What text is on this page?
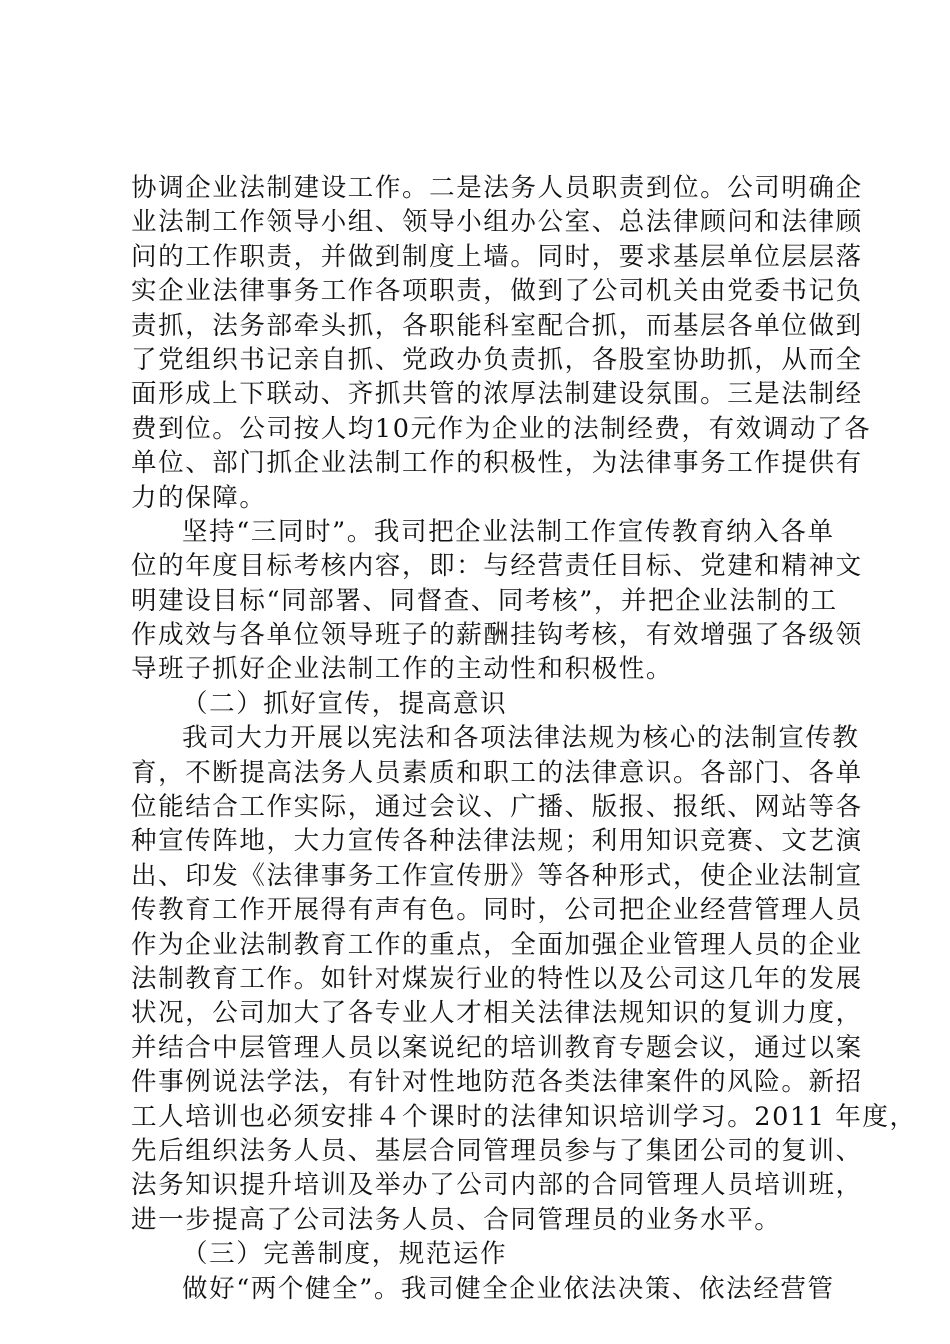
协调企业法制建设工作。二是法务人员职责到位。公司明确企
业法制工作领导小组、领导小组办公室、总法律顾问和法律顾
问的工作职责，并做到制度上墙。同时，要求基层单位层层落
实企业法律事务工作各项职责，做到了公司机关由党委书记负
责抓，法务部牵头抓，各职能科室配合抓，而基层各单位做到
了党组织书记亲自抓、党政办负责抓，各股室协助抓，从而全
面形成上下联动、齐抓共管的浓厚法制建设氛围。三是法制经
费到位。公司按人均10元作为企业的法制经费，有效调动了各
单位、部门抓企业法制工作的积极性，为法律事务工作提供有
力的保障。
坚持“三同时”。我司把企业法制工作宣传教育纳入各单
位的年度目标考核内容，即：与经营责任目标、党建和精神文
明建设目标“同部署、同督查、同考核”，并把企业法制的工
作成效与各单位领导班子的薪酬挂钩考核，有效增强了各级领
导班子抓好企业法制工作的主动性和积极性。
（二）抓好宣传，提高意识
我司大力开展以宪法和各项法律法规为核心的法制宣传教
育，不断提高法务人员素质和职工的法律意识。各部门、各单
位能结合工作实际，通过会议、广播、版报、报纸、网站等各
种宣传阵地，大力宣传各种法律法规；利用知识竞赛、文艺演
出、印发《法律事务工作宣传册》等各种形式，使企业法制宣
传教育工作开展得有声有色。同时，公司把企业经营管理人员
作为企业法制教育工作的重点，全面加强企业管理人员的企业
法制教育工作。如针对煤炭行业的特性以及公司这几年的发展
状况，公司加大了各专业人才相关法律法规知识的复训力度，
并结合中层管理人员以案说纪的培训教育专题会议，通过以案
件事例说法学法，有针对性地防范各类法律案件的风险。新招
工人培训也必须安排４个课时的法律知识培训学习。2011 年度，
先后组织法务人员、基层合同管理员参与了集团公司的复训、
法务知识提升培训及举办了公司内部的合同管理人员培训班，
进一步提高了公司法务人员、合同管理员的业务水平。
（三）完善制度，规范运作
做好“两个健全”。我司健全企业依法决策、依法经营管
